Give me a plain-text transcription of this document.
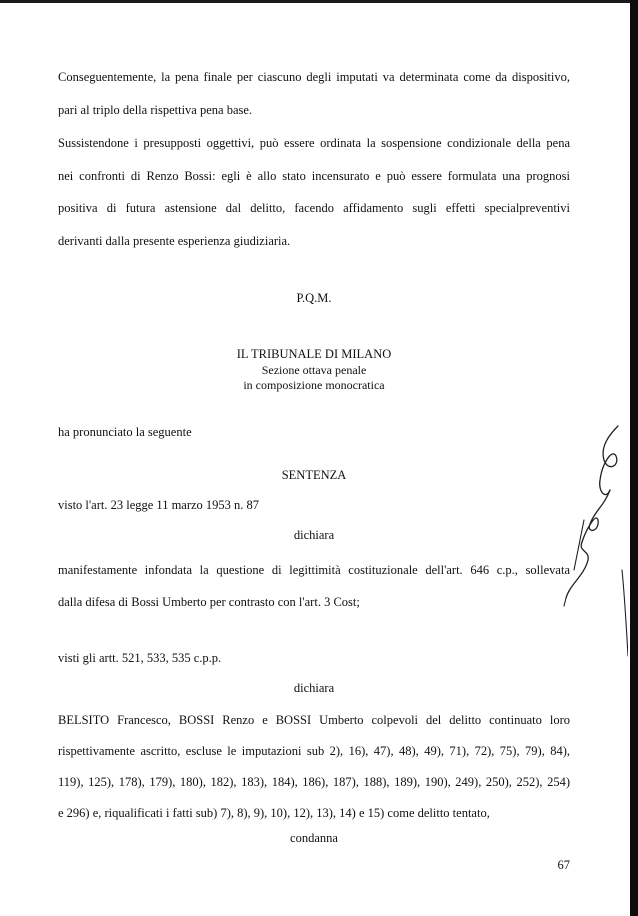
Conseguentemente, la pena finale per ciascuno degli imputati va determinata come da dispositivo,
pari al triplo della rispettiva pena base.
Sussistendone i presupposti oggettivi, può essere ordinata la sospensione condizionale della pena
nei confronti di Renzo Bossi: egli è allo stato incensurato e può essere formulata una prognosi
positiva di futura astensione dal delitto, facendo affidamento sugli effetti specialpreventivi
derivanti dalla presente esperienza giudiziaria.
P.Q.M.
IL TRIBUNALE DI MILANO
Sezione ottava penale
in composizione monocratica
ha pronunciato la seguente
SENTENZA
visto l'art. 23 legge 11 marzo 1953 n. 87
dichiara
manifestamente infondata la questione di legittimità costituzionale dell'art. 646 c.p., sollevata
dalla difesa di Bossi Umberto per contrasto con l'art. 3 Cost;
visti gli artt. 521, 533, 535 c.p.p.
dichiara
BELSITO Francesco, BOSSI Renzo e BOSSI Umberto colpevoli del delitto continuato loro
rispettivamente ascritto, escluse le imputazioni sub 2), 16), 47), 48), 49), 71), 72), 75), 79), 84),
119), 125), 178), 179), 180), 182), 183), 184), 186), 187), 188), 189), 190), 249), 250), 252), 254)
e 296) e, riqualificati i fatti sub) 7), 8), 9), 10), 12), 13), 14) e 15) come delitto tentato,
condanna
67
